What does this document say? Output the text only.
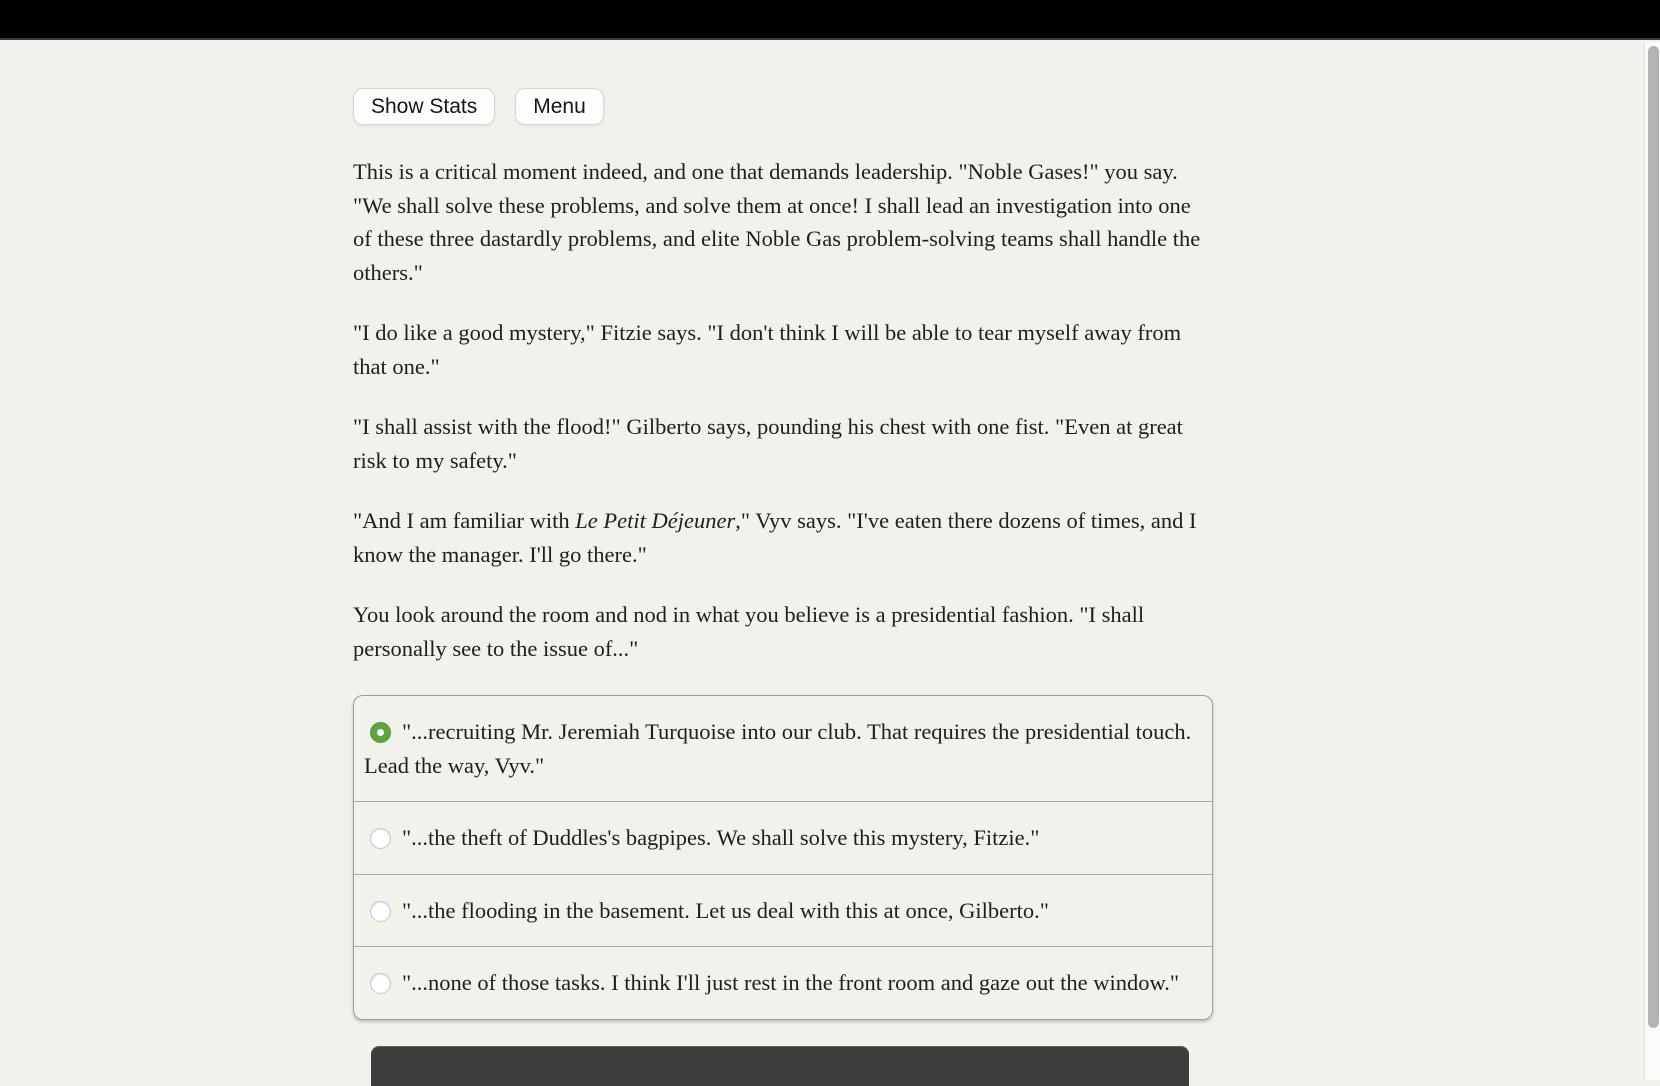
Show Stats	Menu

This is a critical moment indeed, and one that demands leadership. "Noble Gases!" you say. "We shall solve these problems, and solve them at once! I shall lead an investigation into one of these three dastardly problems, and elite Noble Gas problem-solving teams shall handle the others."

"I do like a good mystery," Fitzie says. "I don't think I will be able to tear myself away from that one."

"I shall assist with the flood!" Gilberto says, pounding his chest with one fist. "Even at great risk to my safety."

"And I am familiar with Le Petit Déjeuner," Vyv says. "I've eaten there dozens of times, and I know the manager. I'll go there."

You look around the room and nod in what you believe is a presidential fashion. "I shall personally see to the issue of..."

"...recruiting Mr. Jeremiah Turquoise into our club. That requires the presidential touch. Lead the way, Vyv."
"...the theft of Duddles's bagpipes. We shall solve this mystery, Fitzie."
"...the flooding in the basement. Let us deal with this at once, Gilberto."
"...none of those tasks. I think I'll just rest in the front room and gaze out the window."
